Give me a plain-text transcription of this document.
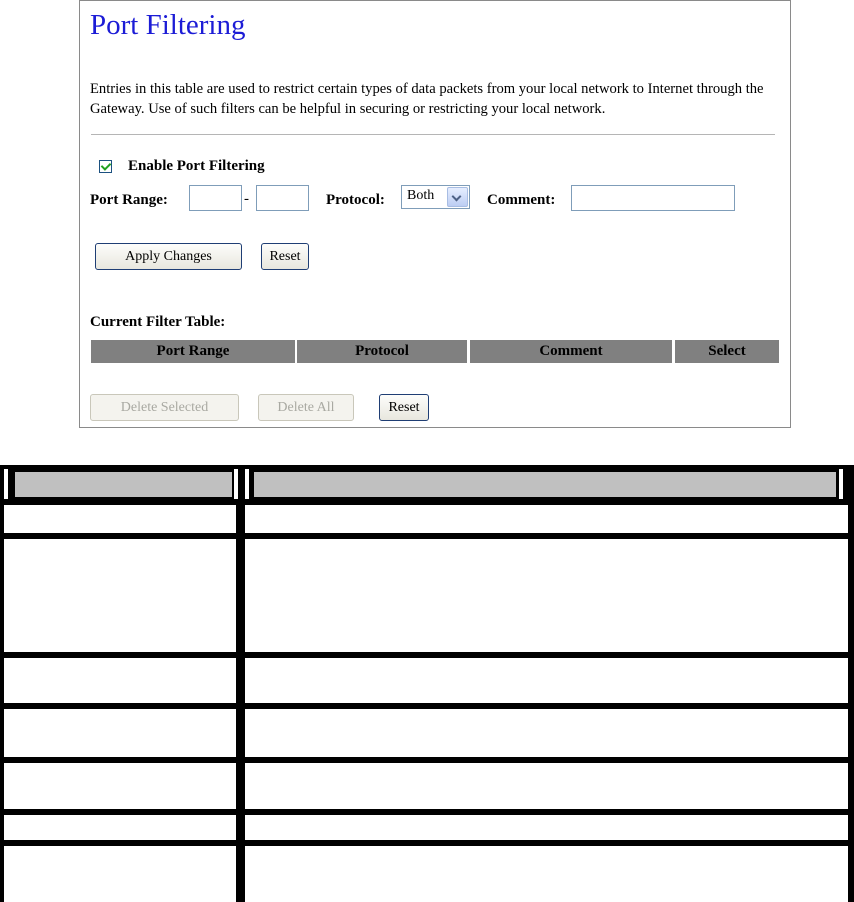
Port Filtering

Entries in this table are used to restrict certain types of data packets from your local network to Internet through the Gateway. Use of such filters can be helpful in securing or restricting your local network.

Enable Port Filtering
Port Range:	-	Protocol: Both	Comment:
Apply Changes	Reset
Current Filter Table:
Port Range	Protocol	Comment	Select
Delete Selected	Delete All	Reset
